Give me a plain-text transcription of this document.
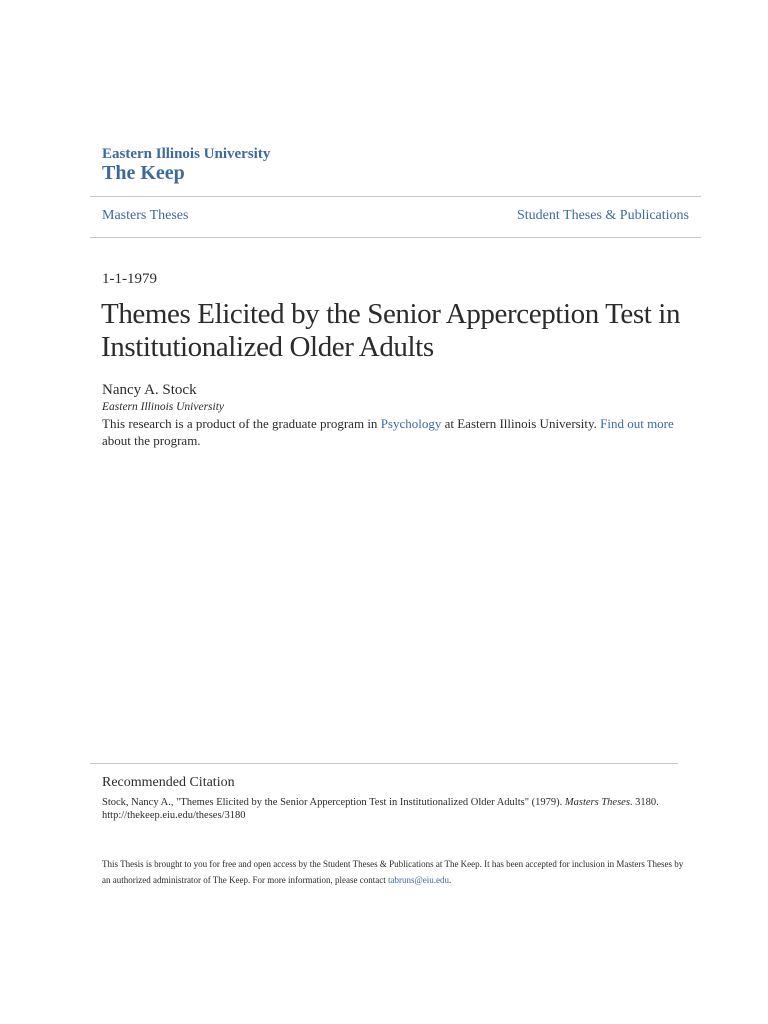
Eastern Illinois University
The Keep
Masters Theses	Student Theses & Publications
1-1-1979
Themes Elicited by the Senior Apperception Test in Institutionalized Older Adults
Nancy A. Stock
Eastern Illinois University
This research is a product of the graduate program in Psychology at Eastern Illinois University. Find out more about the program.
Recommended Citation
Stock, Nancy A., "Themes Elicited by the Senior Apperception Test in Institutionalized Older Adults" (1979). Masters Theses. 3180.
http://thekeep.eiu.edu/theses/3180
This Thesis is brought to you for free and open access by the Student Theses & Publications at The Keep. It has been accepted for inclusion in Masters Theses by an authorized administrator of The Keep. For more information, please contact tabruns@eiu.edu.
